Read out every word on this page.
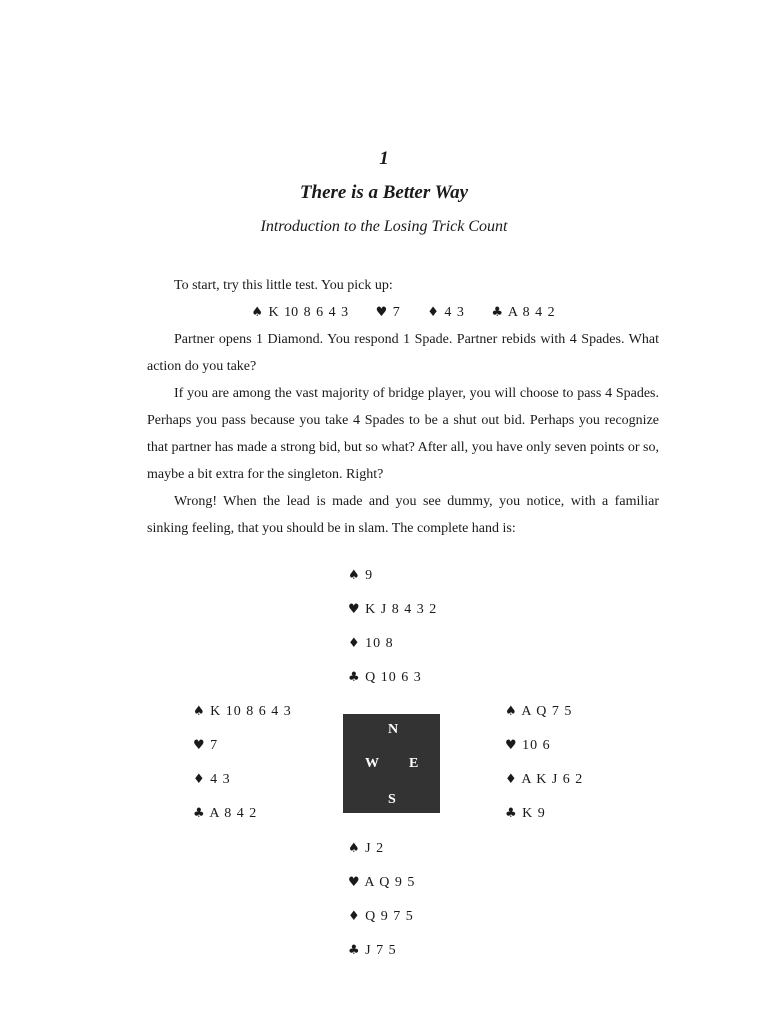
1
There is a Better Way
Introduction to the Losing Trick Count

To start, try this little test. You pick up:

♠ K 10 8 6 4 3 ♥ 7 ♦ 4 3 ♣ A 8 4 2

Partner opens 1 Diamond. You respond 1 Spade. Partner rebids with 4 Spades. What action do you take?

If you are among the vast majority of bridge player, you will choose to pass 4 Spades. Perhaps you pass because you take 4 Spades to be a shut out bid. Perhaps you recognize that partner has made a strong bid, but so what? After all, you have only seven points or so, maybe a bit extra for the singleton. Right?

Wrong! When the lead is made and you see dummy, you notice, with a familiar sinking feeling, that you should be in slam. The complete hand is:

♠ 9
♥ K J 8 4 3 2
♦ 10 8
♣ Q 10 6 3
♠ K 10 8 6 4 3
♥ 7
♦ 4 3
♣ A 8 4 2
N
W E
S
♠ A Q 7 5
♥ 10 6
♦ A K J 6 2
♣ K 9
♠ J 2
♥ A Q 9 5
♦ Q 9 7 5
♣ J 7 5
